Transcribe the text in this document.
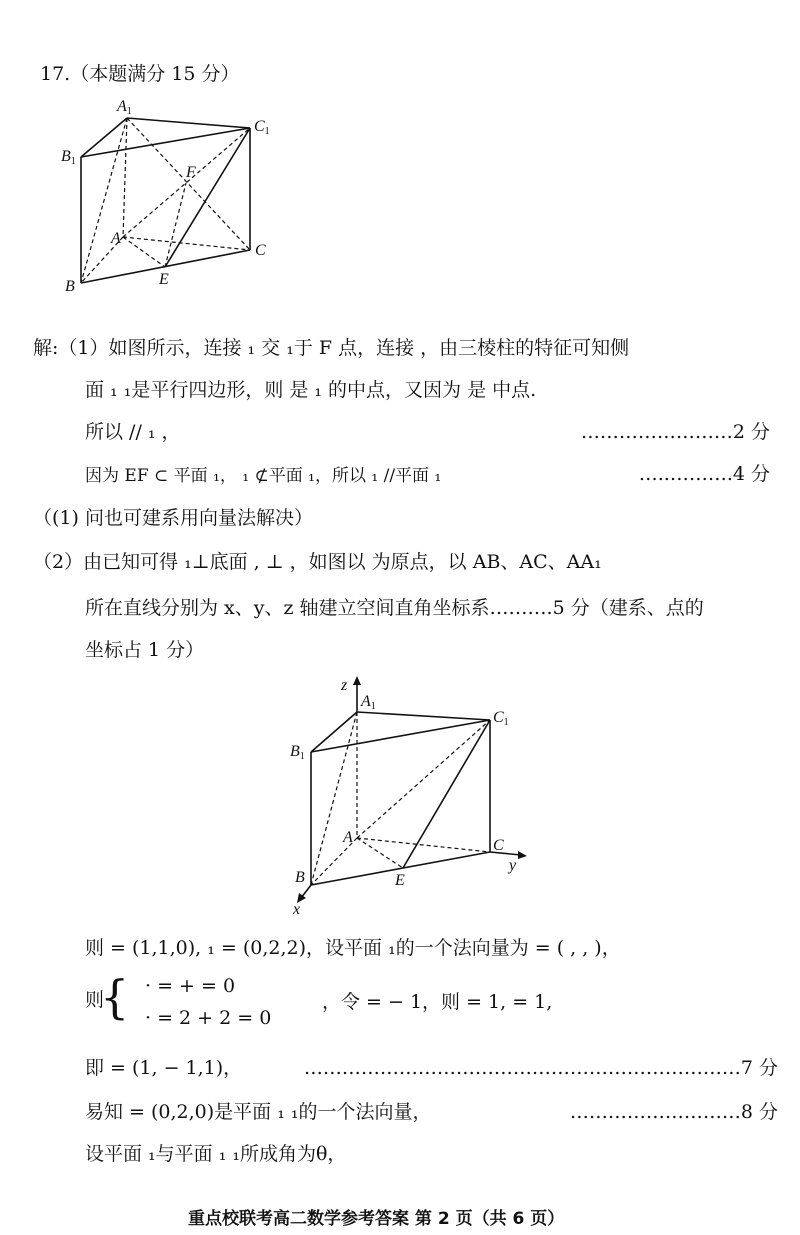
17.（本题满分 15 分）
A1
B1
C1
F
A
C
E
B
解:（1）如图所示，连接 ₁ 交 ₁于 F 点，连接 ，由三棱柱的特征可知侧
面 ₁ ₁是平行四边形，则 是 ₁ 的中点，又因为 是 中点.
所以 // ₁ ，	……………………2 分
因为 EF ⊂ 平面 ₁， ₁ ⊄平面 ₁，所以 ₁ //平面 ₁	…..……….4 分
（(1) 问也可建系用向量法解决）
（2）由已知可得 ₁⊥底面 , ⊥ ，如图以 为原点，以 AB、AC、AA₁
所在直线分别为 x、y、z 轴建立空间直角坐标系……….5 分（建系、点的
坐标占 1 分）
z
A1
B1
C1
A	C
y
E
B
x
则 = (1,1,0), ₁ = (0,2,2)，设平面 ₁的一个法向量为 = ( , , )，
则
{ · = + = 0
· = 2 + 2 = 0
，令 = − 1，则 = 1, = 1,
即 = (1, − 1,1)，	……………………………………………………………7 分
易知 = (0,2,0)是平面 ₁ ₁的一个法向量，	………………………8 分
设平面 ₁与平面 ₁ ₁所成角为θ，
重点校联考高二数学参考答案 第 2 页（共 6 页）
